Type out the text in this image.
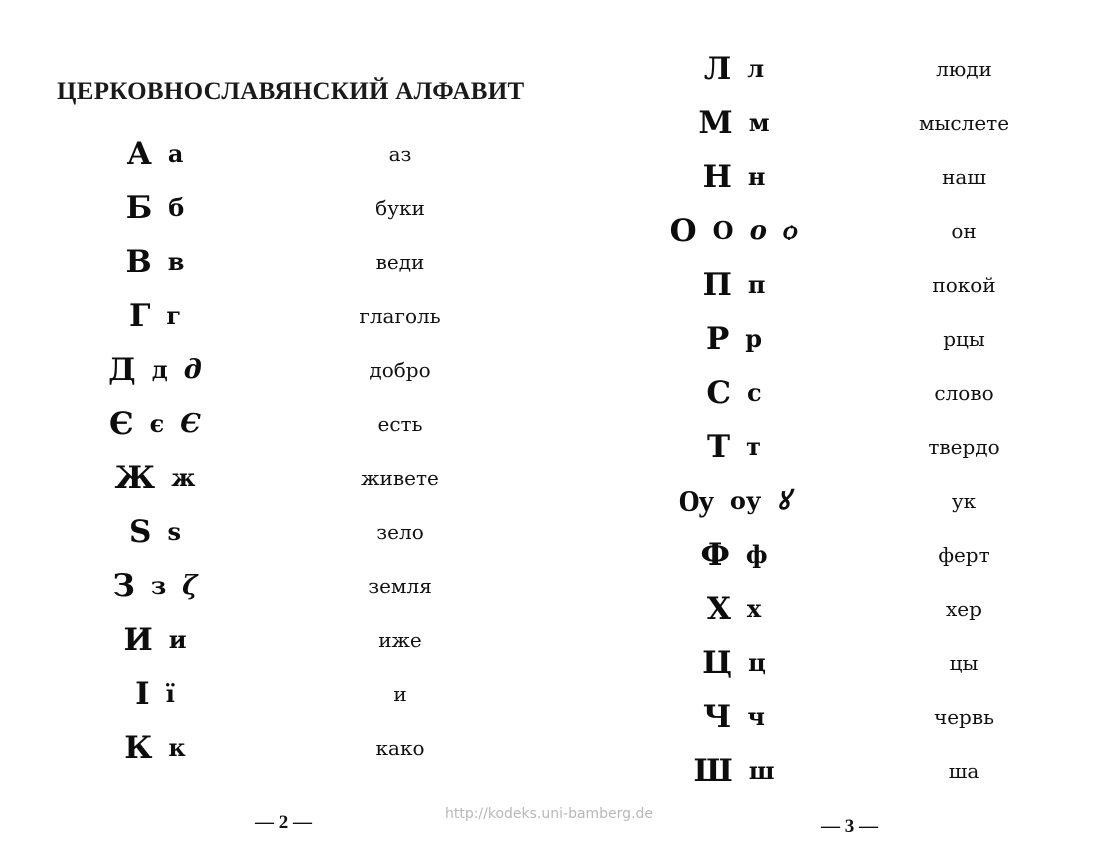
ЦЕРКОВНОСЛАВЯНСКИЙ АЛФАВИТ
А а	аз
Б б	буки
В в	веди
Г г	глаголь
Д д д	добро
Є є Є	есть
Ж ж	живете
Ѕ ѕ	зело
З з ζ	земля
И и	иже
І ї	и
К к	како
— 2 —
Л л	люди
М м	мыслете
Н н	наш
О О о ѻ	он
П п	покой
Р р	рцы
С с	слово
Т т	твердо
Ѹ оу ꙋ	ук
Ф ф	ферт
Х х	хер
Ц ц	цы
Ч ч	червь
Ш ш	ша
— 3 —
http://kodeks.uni-bamberg.de
